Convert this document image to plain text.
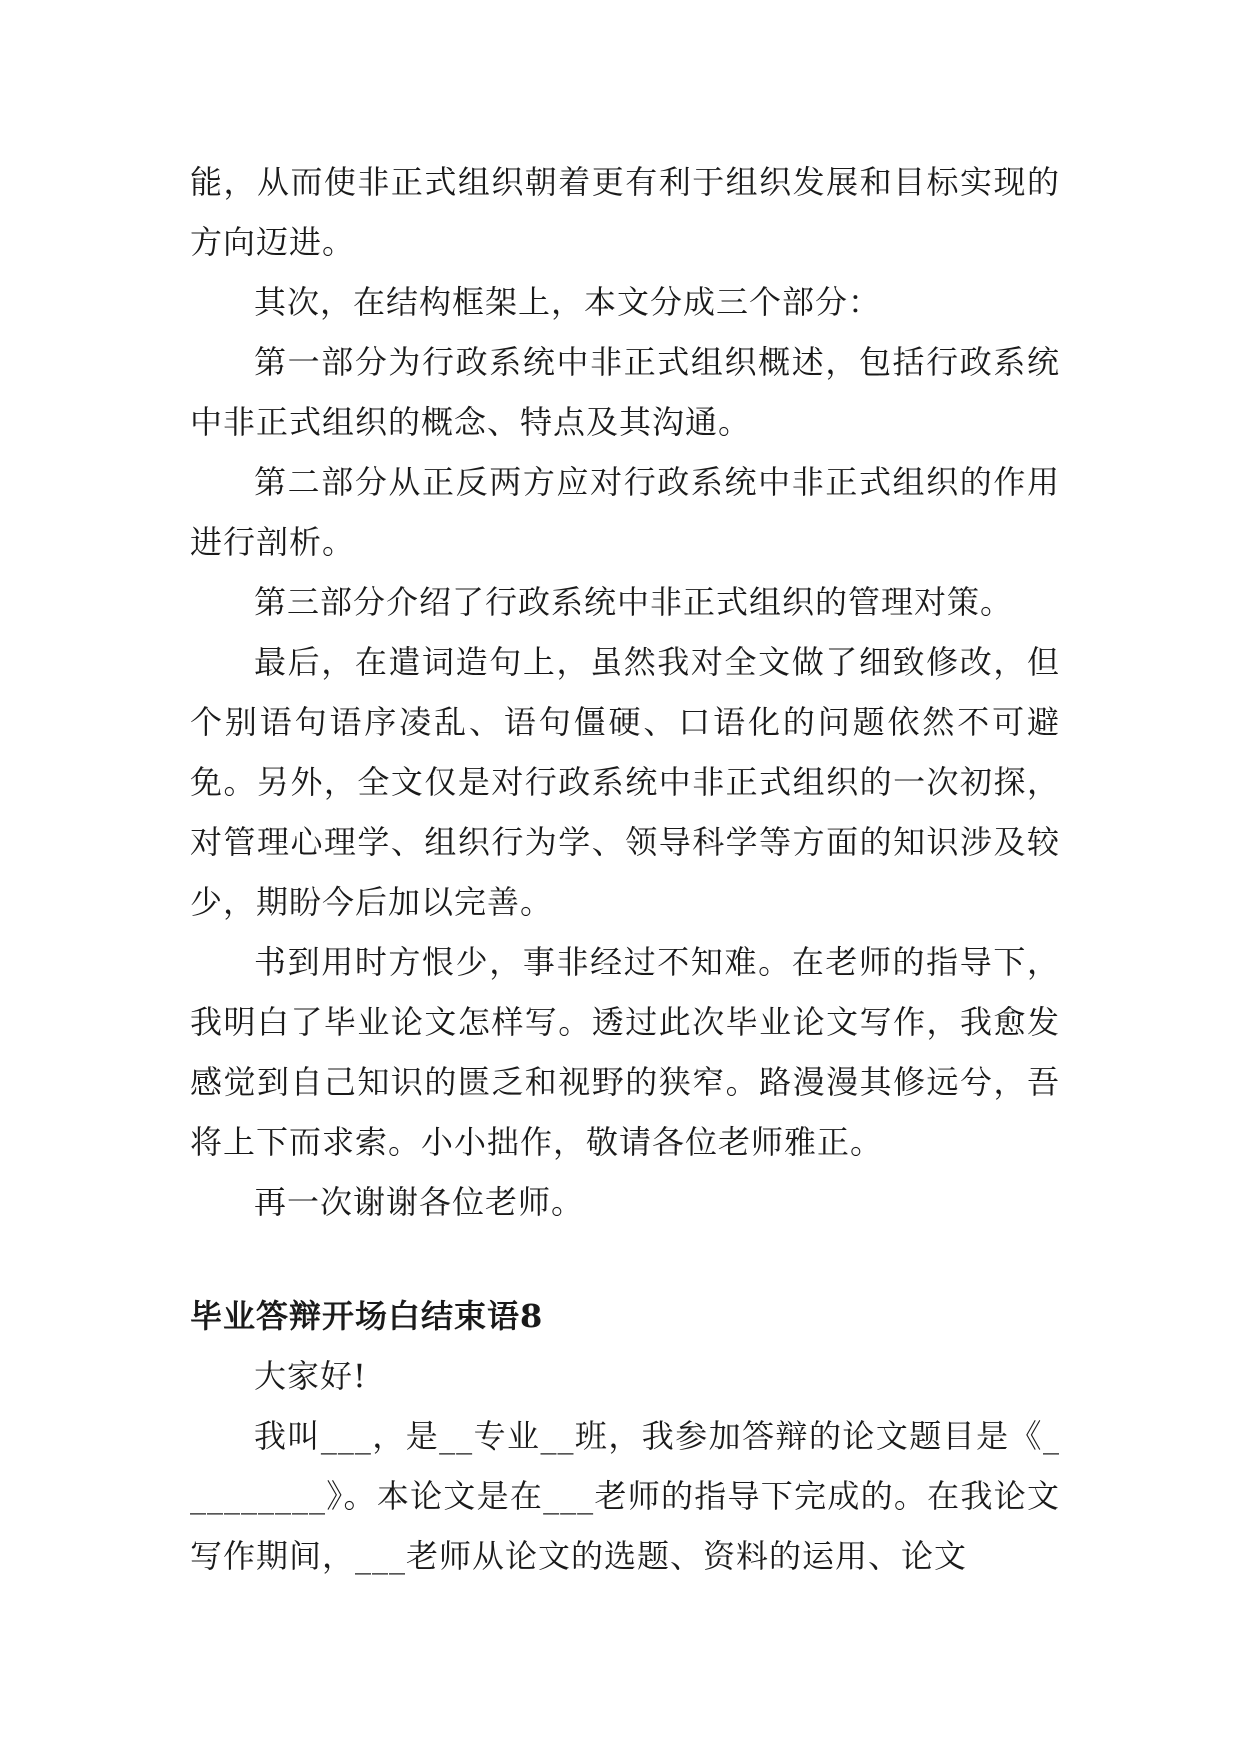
能，从而使非正式组织朝着更有利于组织发展和目标实现的方向迈进。

其次，在结构框架上，本文分成三个部分：

第一部分为行政系统中非正式组织概述，包括行政系统中非正式组织的概念、特点及其沟通。

第二部分从正反两方应对行政系统中非正式组织的作用进行剖析。

第三部分介绍了行政系统中非正式组织的管理对策。

最后，在遣词造句上，虽然我对全文做了细致修改，但个别语句语序凌乱、语句僵硬、口语化的问题依然不可避免。另外，全文仅是对行政系统中非正式组织的一次初探，对管理心理学、组织行为学、领导科学等方面的知识涉及较少，期盼今后加以完善。

书到用时方恨少，事非经过不知难。在老师的指导下，我明白了毕业论文怎样写。透过此次毕业论文写作，我愈发感觉到自己知识的匮乏和视野的狭窄。路漫漫其修远兮，吾将上下而求索。小小拙作，敬请各位老师雅正。

再一次谢谢各位老师。

毕业答辩开场白结束语8

大家好!

我叫___，是__专业__班，我参加答辩的论文题目是《_________》。本论文是在___老师的指导下完成的。在我论文写作期间，___老师从论文的选题、资料的运用、论文
